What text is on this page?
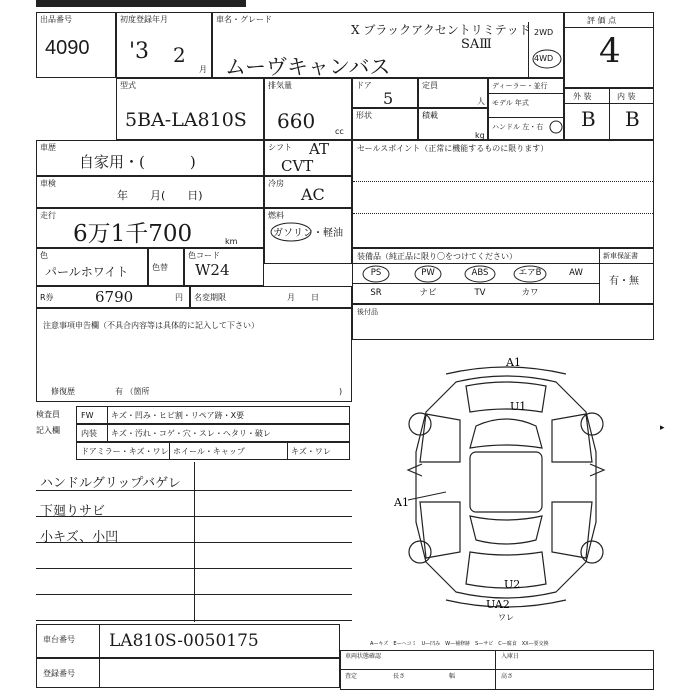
出品番号
4090
初度登録年月
'3 2
月
車名・グレード
X ブラックアクセントリミテッド
SAⅢ
ムーヴキャンバス
2WD
4WD
評 価 点
4
型式
5BA-LA810S
排気量
660 cc
ドア
5
定員
人
形状	積載
kg
ディーラー・並行
モデル 年式
ハンドル 左・右
外 装	内 装
B B
車歴
自家用・(　　　)
シフト AT
CVT
車検
年　　月(　　日)
冷房
AC
走行
6万1千700	km
燃料
ガソリン・軽油
色
パールホワイト	色替
色コード
W24
R券	6790	円 名変期限	月　　日
セールスポイント（正常に機能するものに限ります）
装備品（純正品に限り〇をつけてください）	新車保証書
有・無
PS	PW	ABS	エアB	AW
SR	ナビ	TV	カワ
後付品
注意事項申告欄（不具合内容等は具体的に記入して下さい）
修復歴	有 （箇所	)
検査員
記入欄
FW キズ・凹み・ヒビ割・リペア跡・X要
内装 キズ・汚れ・コゲ・穴・スレ・ヘタリ・破レ
ドアミラー・キズ・ワレ ホイール・キャップ	キズ・ワレ
ハンドルグリップバゲレ
下廻りサビ
小キズ、小凹
A1
U1
A1
U2
UA2
ワレ
▸
A—キズ　E—ヘコミ　U—凹み　W—補修跡　S—サビ　C—腐食　XX—要交換
車台番号 LA810S-0050175
登録番号
車両状態確認
査定
入庫日
長さ	幅	高さ
